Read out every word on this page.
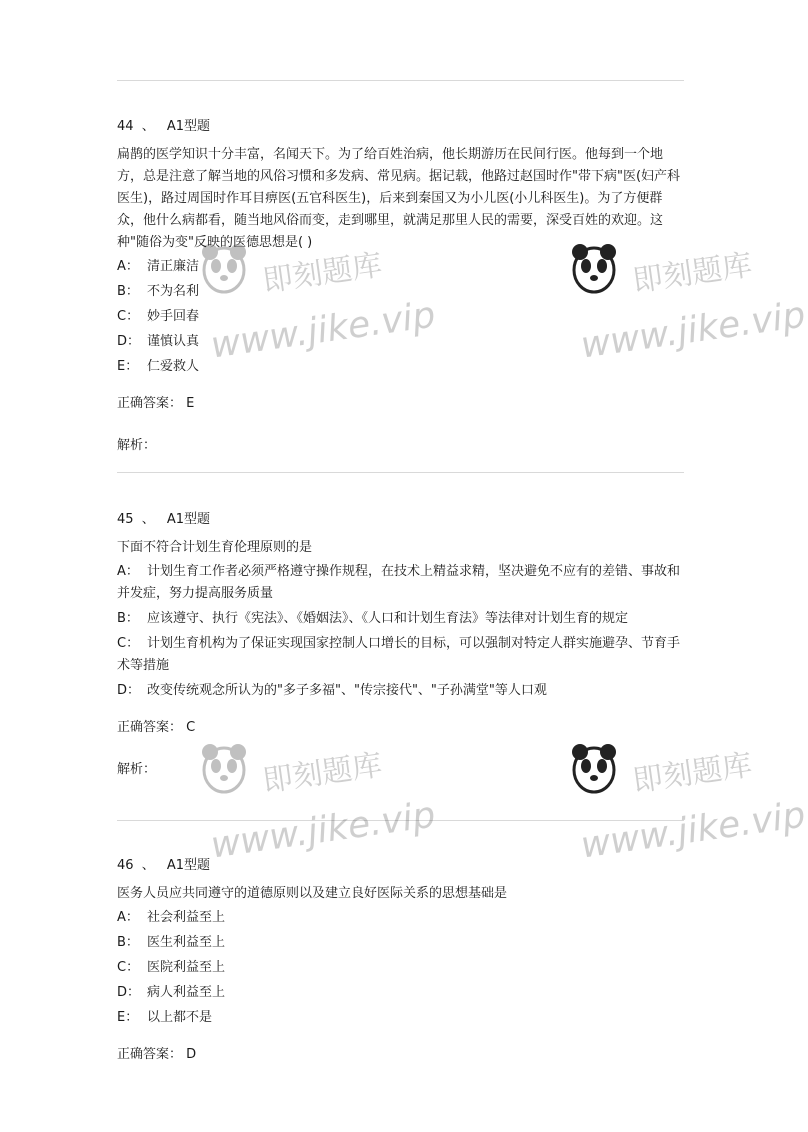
44 、 A1型题
扁鹊的医学知识十分丰富，名闻天下。为了给百姓治病，他长期游历在民间行医。他每到一个地方，总是注意了解当地的风俗习惯和多发病、常见病。据记载，他路过赵国时作"带下病"医(妇产科医生)，路过周国时作耳目痹医(五官科医生)，后来到秦国又为小儿医(小儿科医生)。为了方便群众，他什么病都看，随当地风俗而变，走到哪里，就满足那里人民的需要，深受百姓的欢迎。这种"随俗为变"反映的医德思想是( )
A： 清正廉洁
B： 不为名利
C： 妙手回春
D： 谨慎认真
E： 仁爱救人
正确答案： E
解析：
45 、 A1型题
下面不符合计划生育伦理原则的是
A： 计划生育工作者必须严格遵守操作规程，在技术上精益求精，坚决避免不应有的差错、事故和并发症，努力提高服务质量
B： 应该遵守、执行《宪法》、《婚姻法》、《人口和计划生育法》等法律对计划生育的规定
C： 计划生育机构为了保证实现国家控制人口增长的目标，可以强制对特定人群实施避孕、节育手术等措施
D： 改变传统观念所认为的"多子多福"、"传宗接代"、"子孙满堂"等人口观
正确答案： C
解析：
46 、 A1型题
医务人员应共同遵守的道德原则以及建立良好医际关系的思想基础是
A： 社会利益至上
B： 医生利益至上
C： 医院利益至上
D： 病人利益至上
E： 以上都不是
正确答案： D
即刻题库
www.jike.vip
即刻题库
www.jike.vip
即刻题库
www.jike.vip
即刻题库
www.jike.vip
